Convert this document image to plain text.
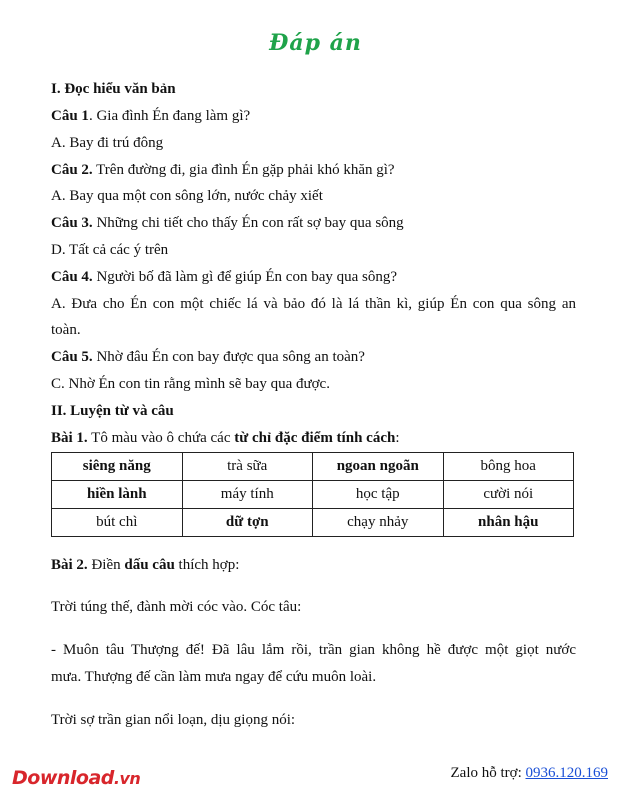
Đáp án
I. Đọc hiểu văn bản
Câu 1. Gia đình Én đang làm gì?
A. Bay đi trú đông
Câu 2. Trên đường đi, gia đình Én gặp phải khó khăn gì?
A. Bay qua một con sông lớn, nước chảy xiết
Câu 3. Những chi tiết cho thấy Én con rất sợ bay qua sông
D. Tất cả các ý trên
Câu 4. Người bố đã làm gì để giúp Én con bay qua sông?
A. Đưa cho Én con một chiếc lá và bảo đó là lá thần kì, giúp Én con qua sông an
toàn.
Câu 5. Nhờ đâu Én con bay được qua sông an toàn?
C. Nhờ Én con tin rằng mình sẽ bay qua được.
II. Luyện từ và câu
Bài 1. Tô màu vào ô chứa các từ chỉ đặc điểm tính cách:
siêng năng	trà sữa	ngoan ngoãn	bông hoa
hiền lành	máy tính	học tập	cười nói
bút chì	dữ tợn	chạy nhảy	nhân hậu
Bài 2. Điền dấu câu thích hợp:
Trời túng thế, đành mời cóc vào. Cóc tâu:
- Muôn tâu Thượng đế! Đã lâu lắm rồi, trần gian không hề được một giọt nước
mưa. Thượng đế cần làm mưa ngay để cứu muôn loài.
Trời sợ trần gian nổi loạn, dịu giọng nói:
Download.vn	Zalo hỗ trợ: 0936.120.169
